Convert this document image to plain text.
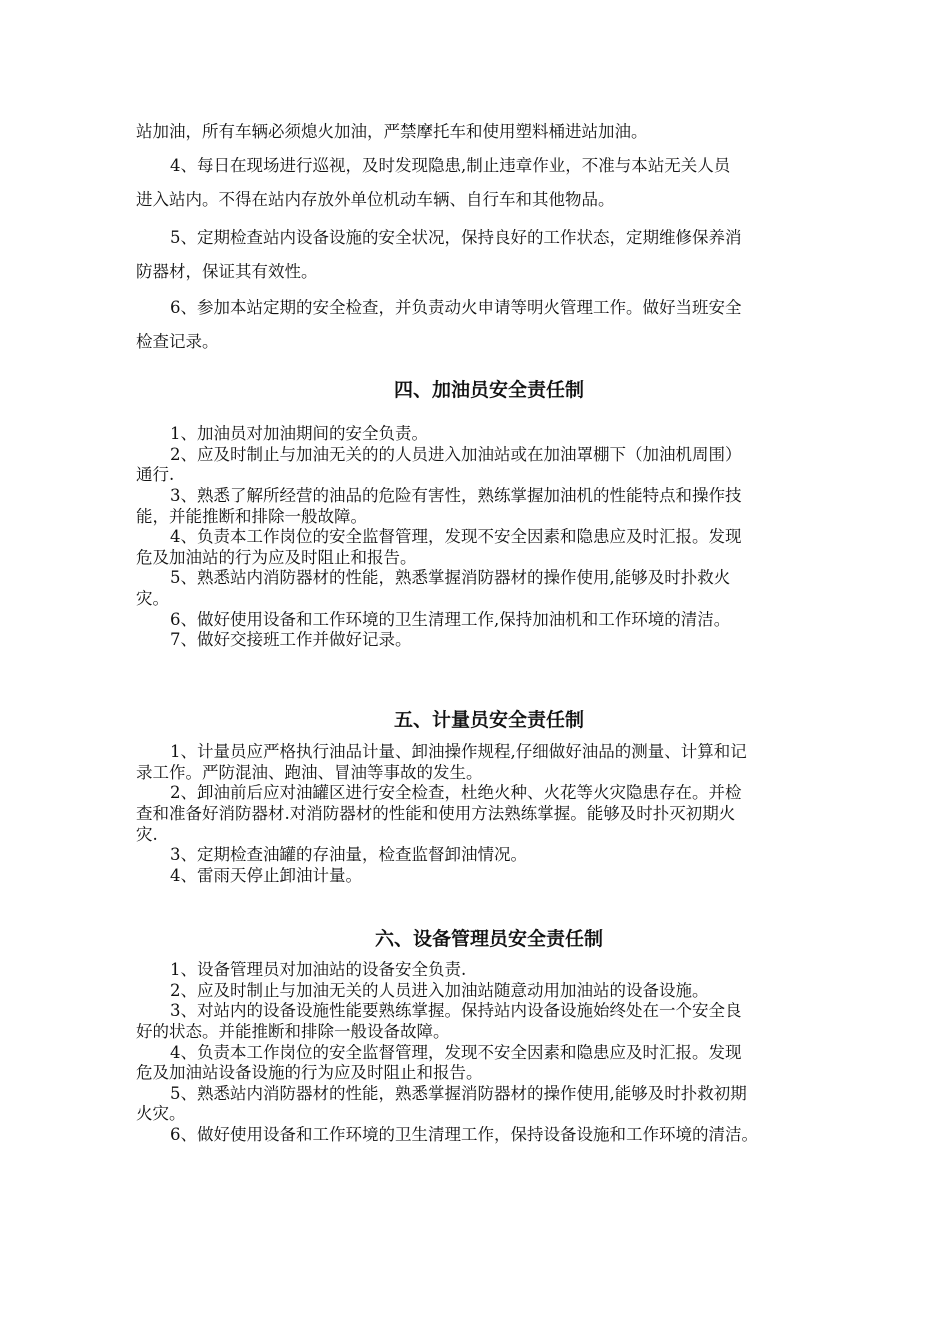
站加油，所有车辆必须熄火加油，严禁摩托车和使用塑料桶进站加油。
4、每日在现场进行巡视，及时发现隐患,制止违章作业，不准与本站无关人员
进入站内。不得在站内存放外单位机动车辆、自行车和其他物品。
5、定期检查站内设备设施的安全状况，保持良好的工作状态，定期维修保养消
防器材，保证其有效性。
6、参加本站定期的安全检查，并负责动火申请等明火管理工作。做好当班安全
检查记录。
四、加油员安全责任制
1、加油员对加油期间的安全负责。
2、应及时制止与加油无关的的人员进入加油站或在加油罩棚下（加油机周围）
通行.
3、熟悉了解所经营的油品的危险有害性，熟练掌握加油机的性能特点和操作技
能，并能推断和排除一般故障。
4、负责本工作岗位的安全监督管理，发现不安全因素和隐患应及时汇报。发现
危及加油站的行为应及时阻止和报告。
5、熟悉站内消防器材的性能，熟悉掌握消防器材的操作使用,能够及时扑救火
灾。
6、做好使用设备和工作环境的卫生清理工作,保持加油机和工作环境的清洁。
7、做好交接班工作并做好记录。
五、计量员安全责任制
1、计量员应严格执行油品计量、卸油操作规程,仔细做好油品的测量、计算和记
录工作。严防混油、跑油、冒油等事故的发生。
2、卸油前后应对油罐区进行安全检查，杜绝火种、火花等火灾隐患存在。并检
查和准备好消防器材.对消防器材的性能和使用方法熟练掌握。能够及时扑灭初期火
灾.
3、定期检查油罐的存油量，检查监督卸油情况。
4、雷雨天停止卸油计量。
六、设备管理员安全责任制
1、设备管理员对加油站的设备安全负责.
2、应及时制止与加油无关的人员进入加油站随意动用加油站的设备设施。
3、对站内的设备设施性能要熟练掌握。保持站内设备设施始终处在一个安全良
好的状态。并能推断和排除一般设备故障。
4、负责本工作岗位的安全监督管理，发现不安全因素和隐患应及时汇报。发现
危及加油站设备设施的行为应及时阻止和报告。
5、熟悉站内消防器材的性能，熟悉掌握消防器材的操作使用,能够及时扑救初期
火灾。
6、做好使用设备和工作环境的卫生清理工作，保持设备设施和工作环境的清洁。
